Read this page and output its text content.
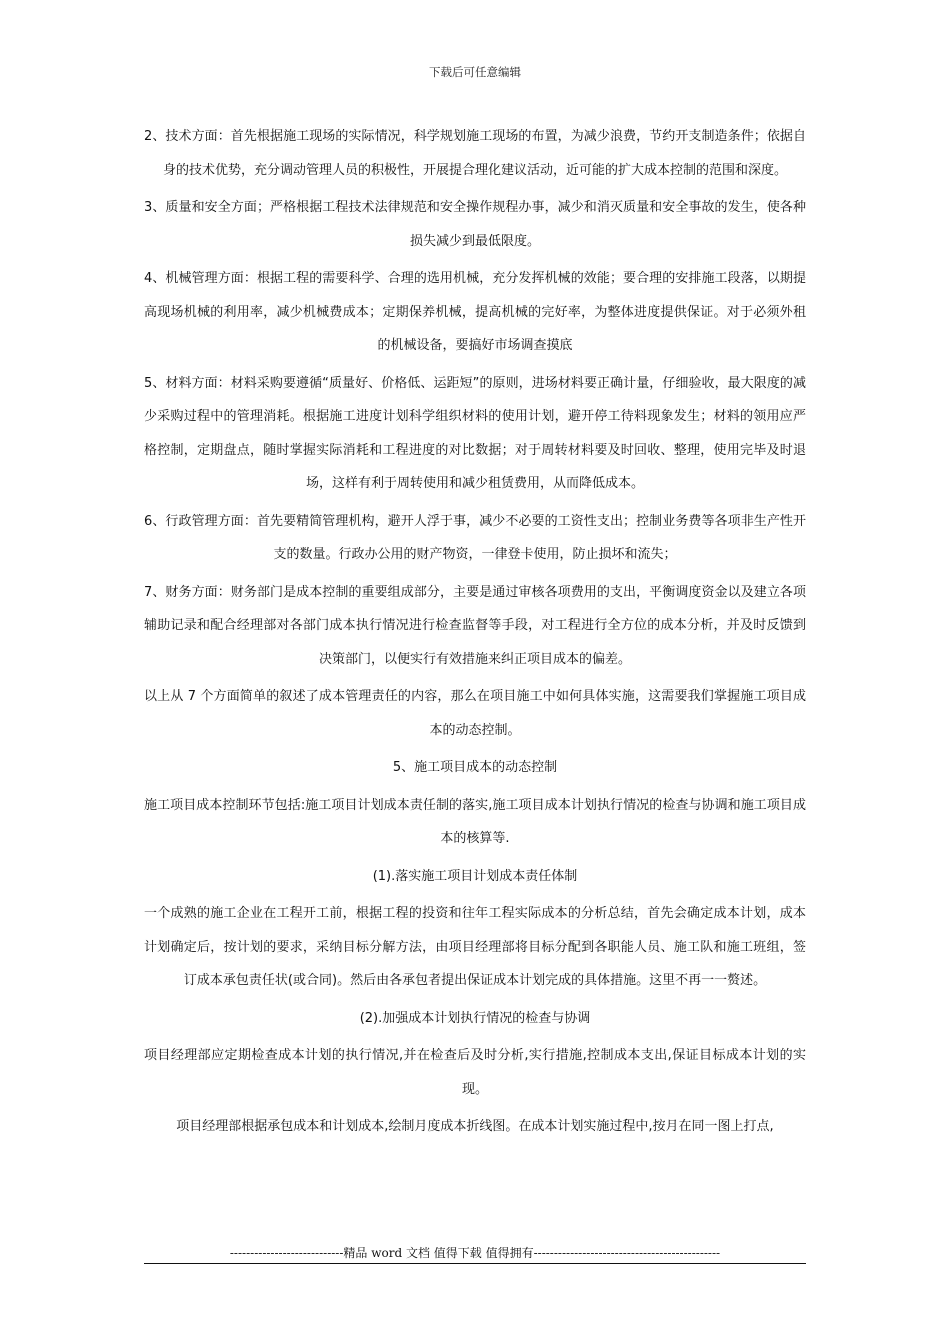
下载后可任意编辑

2、技术方面：首先根据施工现场的实际情况，科学规划施工现场的布置，为减少浪费，节约开支制造条件；依据自身的技术优势，充分调动管理人员的积极性，开展提合理化建议活动，近可能的扩大成本控制的范围和深度。

3、质量和安全方面；严格根据工程技术法律规范和安全操作规程办事，减少和消灭质量和安全事故的发生，使各种损失减少到最低限度。

4、机械管理方面：根据工程的需要科学、合理的选用机械，充分发挥机械的效能；要合理的安排施工段落，以期提高现场机械的利用率，减少机械费成本；定期保养机械，提高机械的完好率，为整体进度提供保证。对于必须外租的机械设备，要搞好市场调查摸底

5、材料方面：材料采购要遵循“质量好、价格低、运距短”的原则，进场材料要正确计量，仔细验收，最大限度的减少采购过程中的管理消耗。根据施工进度计划科学组织材料的使用计划，避开停工待料现象发生；材料的领用应严格控制，定期盘点，随时掌握实际消耗和工程进度的对比数据；对于周转材料要及时回收、整理，使用完毕及时退场，这样有利于周转使用和减少租赁费用，从而降低成本。

6、行政管理方面：首先要精简管理机构，避开人浮于事，减少不必要的工资性支出；控制业务费等各项非生产性开支的数量。行政办公用的财产物资，一律登卡使用，防止损坏和流失；

7、财务方面：财务部门是成本控制的重要组成部分，主要是通过审核各项费用的支出，平衡调度资金以及建立各项辅助记录和配合经理部对各部门成本执行情况进行检查监督等手段，对工程进行全方位的成本分析，并及时反馈到决策部门，以便实行有效措施来纠正项目成本的偏差。

以上从 7 个方面简单的叙述了成本管理责任的内容，那么在项目施工中如何具体实施，这需要我们掌握施工项目成本的动态控制。

5、施工项目成本的动态控制

施工项目成本控制环节包括:施工项目计划成本责任制的落实,施工项目成本计划执行情况的检查与协调和施工项目成本的核算等.

(1).落实施工项目计划成本责任体制

一个成熟的施工企业在工程开工前，根据工程的投资和往年工程实际成本的分析总结，首先会确定成本计划，成本计划确定后，按计划的要求，采纳目标分解方法，由项目经理部将目标分配到各职能人员、施工队和施工班组，签订成本承包责任状(或合同)。然后由各承包者提出保证成本计划完成的具体措施。这里不再一一赘述。

(2).加强成本计划执行情况的检查与协调

项目经理部应定期检查成本计划的执行情况,并在检查后及时分析,实行措施,控制成本支出,保证目标成本计划的实现。

项目经理部根据承包成本和计划成本,绘制月度成本折线图。在成本计划实施过程中,按月在同一图上打点,

----------------------------精品 word 文档 值得下载 值得拥有----------------------------------------------
